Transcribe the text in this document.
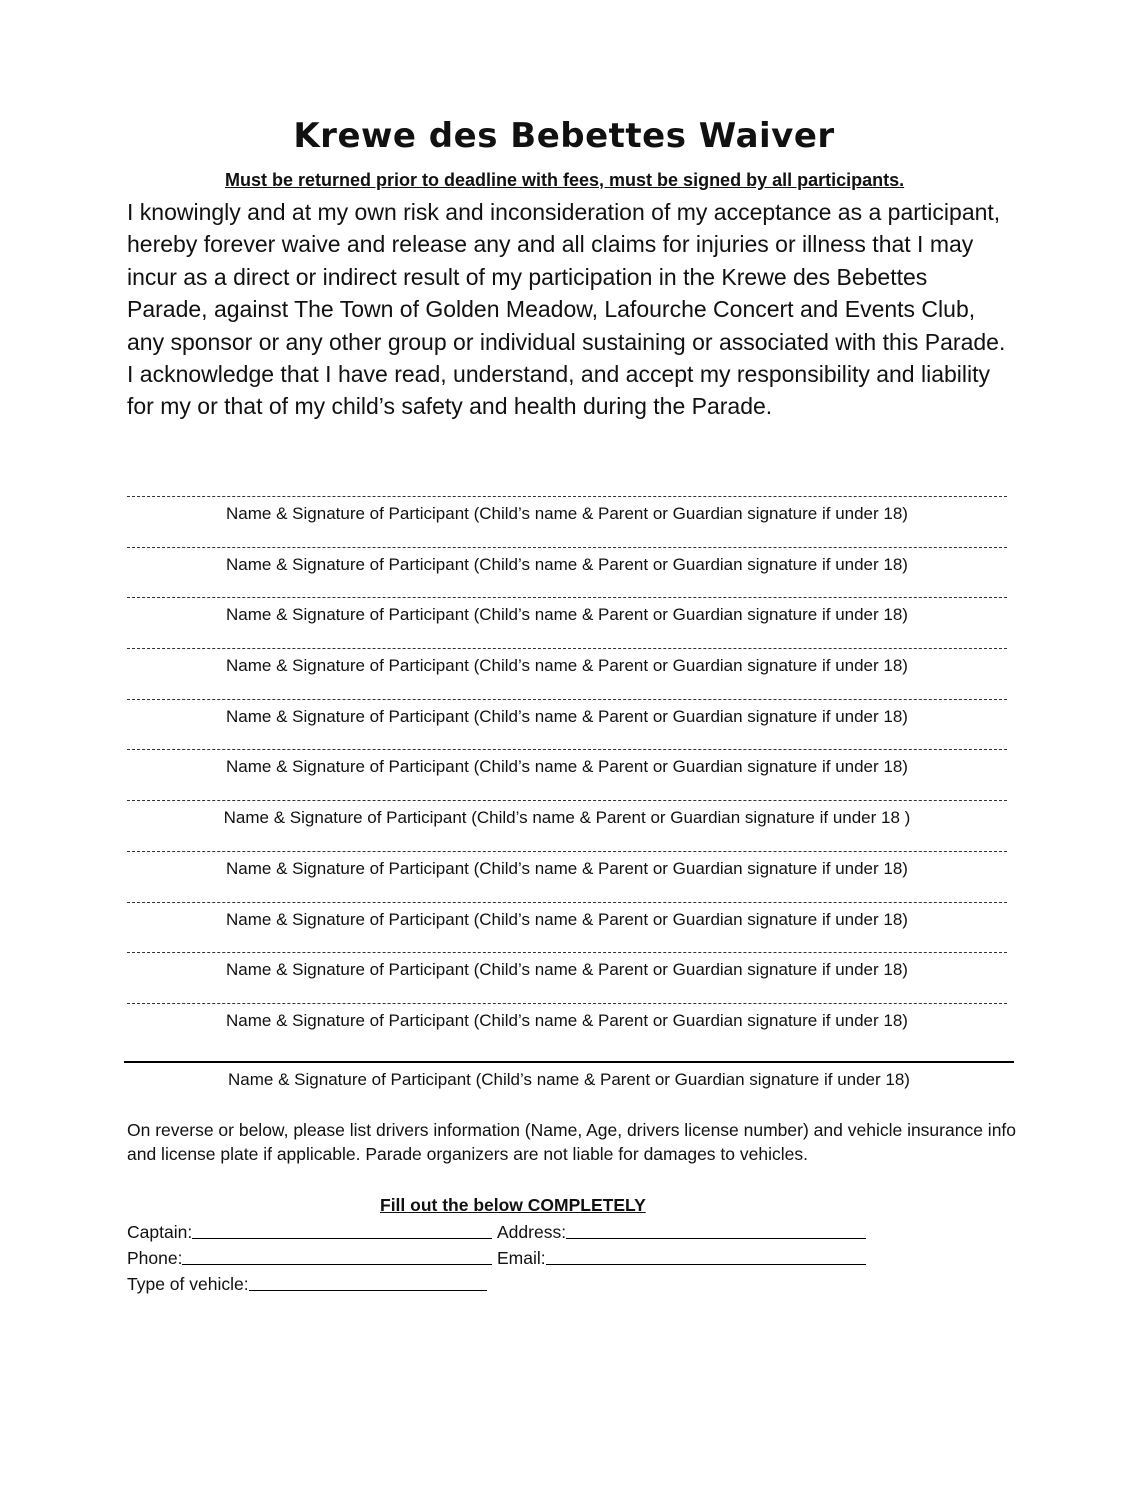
Krewe des Bebettes Waiver
Must be returned prior to deadline with fees, must be signed by all participants.
I knowingly and at my own risk and inconsideration of my acceptance as a participant, hereby forever waive and release any and all claims for injuries or illness that I may incur as a direct or indirect result of my participation in the Krewe des Bebettes Parade, against The Town of Golden Meadow, Lafourche Concert and Events Club, any sponsor or any other group or individual sustaining or associated with this Parade. I acknowledge that I have read, understand, and accept my responsibility and liability for my or that of my child’s safety and health during the Parade.
Name & Signature of Participant (Child’s name & Parent or Guardian signature if under 18)
Name & Signature of Participant (Child’s name & Parent or Guardian signature if under 18)
Name & Signature of Participant (Child’s name & Parent or Guardian signature if under 18)
Name & Signature of Participant (Child’s name & Parent or Guardian signature if under 18)
Name & Signature of Participant (Child’s name & Parent or Guardian signature if under 18)
Name & Signature of Participant (Child’s name & Parent or Guardian signature if under 18)
Name & Signature of Participant (Child’s name & Parent or Guardian signature if under 18 )
Name & Signature of Participant (Child’s name & Parent or Guardian signature if under 18)
Name & Signature of Participant (Child’s name & Parent or Guardian signature if under 18)
Name & Signature of Participant (Child’s name & Parent or Guardian signature if under 18)
Name & Signature of Participant (Child’s name & Parent or Guardian signature if under 18)
Name & Signature of Participant (Child’s name & Parent or Guardian signature if under 18)
On reverse or below, please list drivers information (Name, Age, drivers license number) and vehicle insurance info and license plate if applicable. Parade organizers are not liable for damages to vehicles.
Fill out the below COMPLETELY
Captain:	Address:
Phone:	Email:
Type of vehicle:
